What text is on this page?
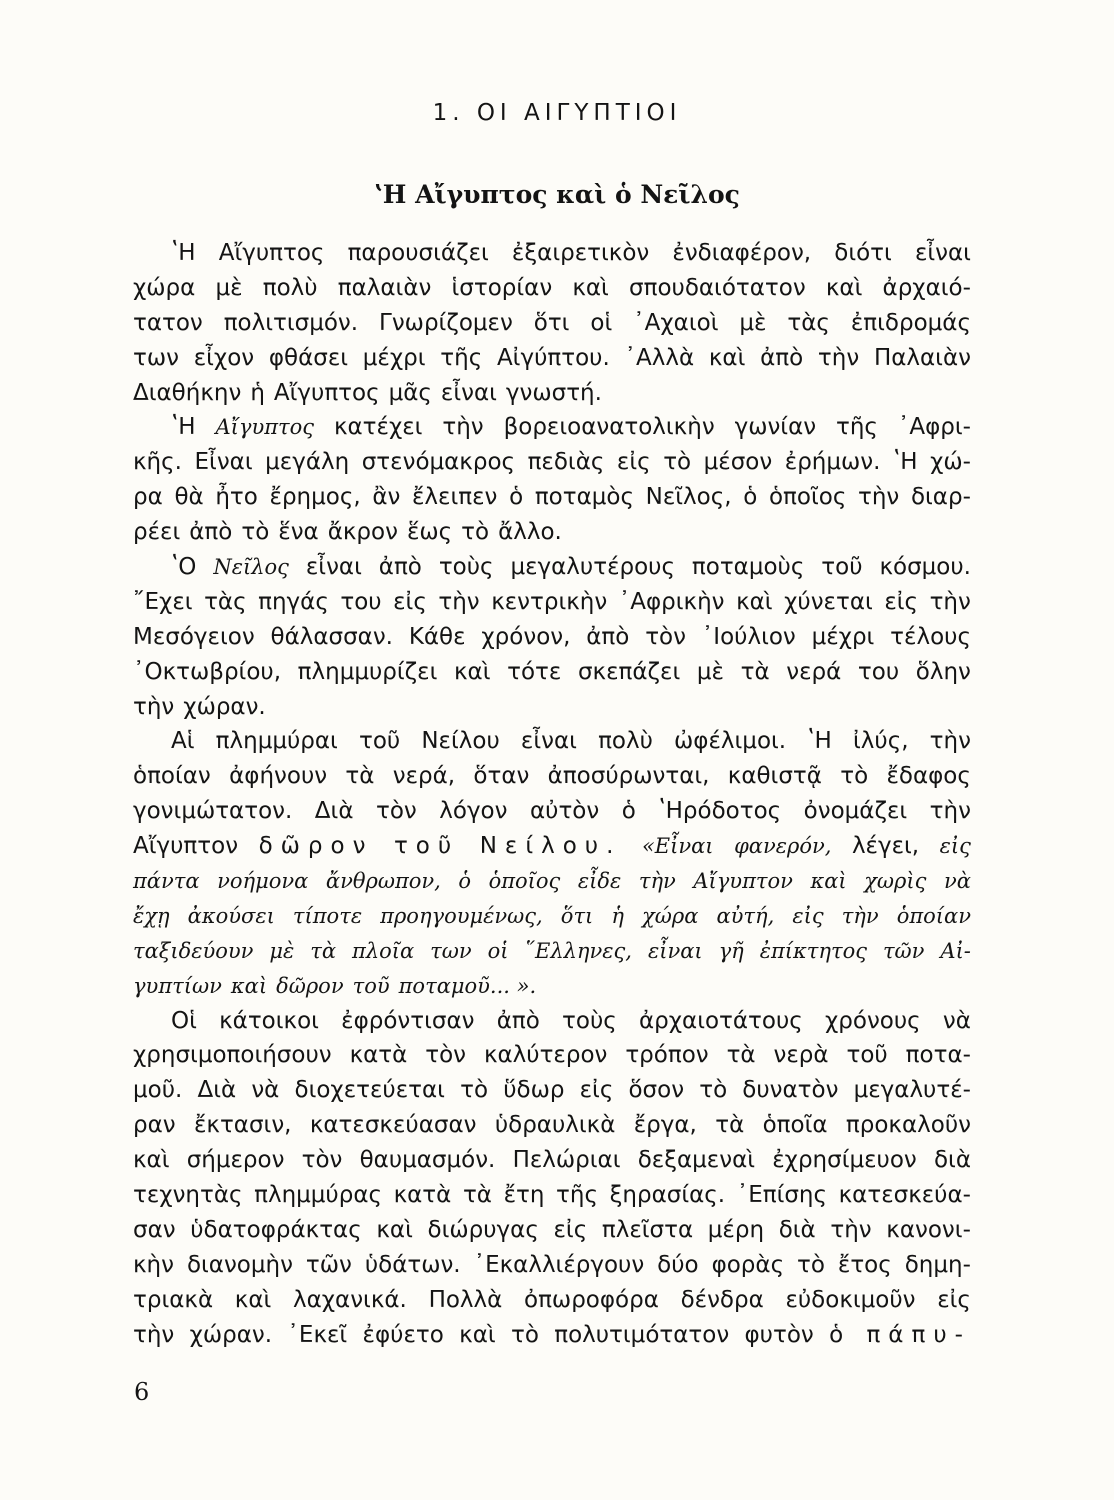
1. ΟΙ ΑΙΓΥΠΤΙΟΙ
ʽΗ Αἴγυπτος καὶ ὁ Νεῖλος
ʽΗ Αἴγυπτος παρουσιάζει ἐξαιρετικὸν ἐνδιαφέρον, διότι εἶναι
χώρα μὲ πολὺ παλαιὰν ἱστορίαν καὶ σπουδαιότατον καὶ ἀρχαιό-
τατον πολιτισμόν. Γνωρίζομεν ὅτι οἱ ᾽Αχαιοὶ μὲ τὰς ἐπιδρομάς
των εἶχον φθάσει μέχρι τῆς Αἰγύπτου. ᾽Αλλὰ καὶ ἀπὸ τὴν Παλαιὰν
Διαθήκην ἡ Αἴγυπτος μᾶς εἶναι γνωστή.
ʽΗ Αἴγυπτος κατέχει τὴν βορειοανατολικὴν γωνίαν τῆς ᾽Αφρι-
κῆς. Εἶναι μεγάλη στενόμακρος πεδιὰς εἰς τὸ μέσον ἐρήμων. ʽΗ χώ-
ρα θὰ ἦτο ἔρημος, ἂν ἔλειπεν ὁ ποταμὸς Νεῖλος, ὁ ὁποῖος τὴν διαρ-
ρέει ἀπὸ τὸ ἕνα ἄκρον ἕως τὸ ἄλλο.
ʽΟ Νεῖλος εἶναι ἀπὸ τοὺς μεγαλυτέρους ποταμοὺς τοῦ κόσμου.
῎Εχει τὰς πηγάς του εἰς τὴν κεντρικὴν ᾽Αφρικὴν καὶ χύνεται εἰς τὴν
Μεσόγειον θάλασσαν. Κάθε χρόνον, ἀπὸ τὸν ᾽Ιούλιον μέχρι τέλους
᾽Οκτωβρίου, πλημμυρίζει καὶ τότε σκεπάζει μὲ τὰ νερά του ὅλην
τὴν χώραν.
Αἱ πλημμύραι τοῦ Νείλου εἶναι πολὺ ὠφέλιμοι. ʽΗ ἰλύς, τὴν
ὁποίαν ἀφήνουν τὰ νερά, ὅταν ἀποσύρωνται, καθιστᾷ τὸ ἔδαφος
γονιμώτατον. Διὰ τὸν λόγον αὐτὸν ὁ ʽΗρόδοτος ὀνομάζει τὴν
Αἴγυπτον δῶρον τοῦ Νείλου. «Εἶναι φανερόν, λέγει, εἰς
πάντα νοήμονα ἄνθρωπον, ὁ ὁποῖος εἶδε τὴν Αἴγυπτον καὶ χωρὶς νὰ
ἔχῃ ἀκούσει τίποτε προηγουμένως, ὅτι ἡ χώρα αὐτή, εἰς τὴν ὁποίαν
ταξιδεύουν μὲ τὰ πλοῖα των οἱ ῞Ελληνες, εἶναι γῆ ἐπίκτητος τῶν Αἰ-
γυπτίων καὶ δῶρον τοῦ ποταμοῦ... ».
Οἱ κάτοικοι ἐφρόντισαν ἀπὸ τοὺς ἀρχαιοτάτους χρόνους νὰ
χρησιμοποιήσουν κατὰ τὸν καλύτερον τρόπον τὰ νερὰ τοῦ ποτα-
μοῦ. Διὰ νὰ διοχετεύεται τὸ ὕδωρ εἰς ὅσον τὸ δυνατὸν μεγαλυτέ-
ραν ἔκτασιν, κατεσκεύασαν ὑδραυλικὰ ἔργα, τὰ ὁποῖα προκαλοῦν
καὶ σήμερον τὸν θαυμασμόν. Πελώριαι δεξαμεναὶ ἐχρησίμευον διὰ
τεχνητὰς πλημμύρας κατὰ τὰ ἔτη τῆς ξηρασίας. ᾽Επίσης κατεσκεύα-
σαν ὑδατοφράκτας καὶ διώρυγας εἰς πλεῖστα μέρη διὰ τὴν κανονι-
κὴν διανομὴν τῶν ὑδάτων. ᾽Εκαλλιέργουν δύο φορὰς τὸ ἔτος δημη-
τριακὰ καὶ λαχανικά. Πολλὰ ὀπωροφόρα δένδρα εὐδοκιμοῦν εἰς
τὴν χώραν. ᾽Εκεῖ ἐφύετο καὶ τὸ πολυτιμότατον φυτὸν ὁ πάπυ-
6
